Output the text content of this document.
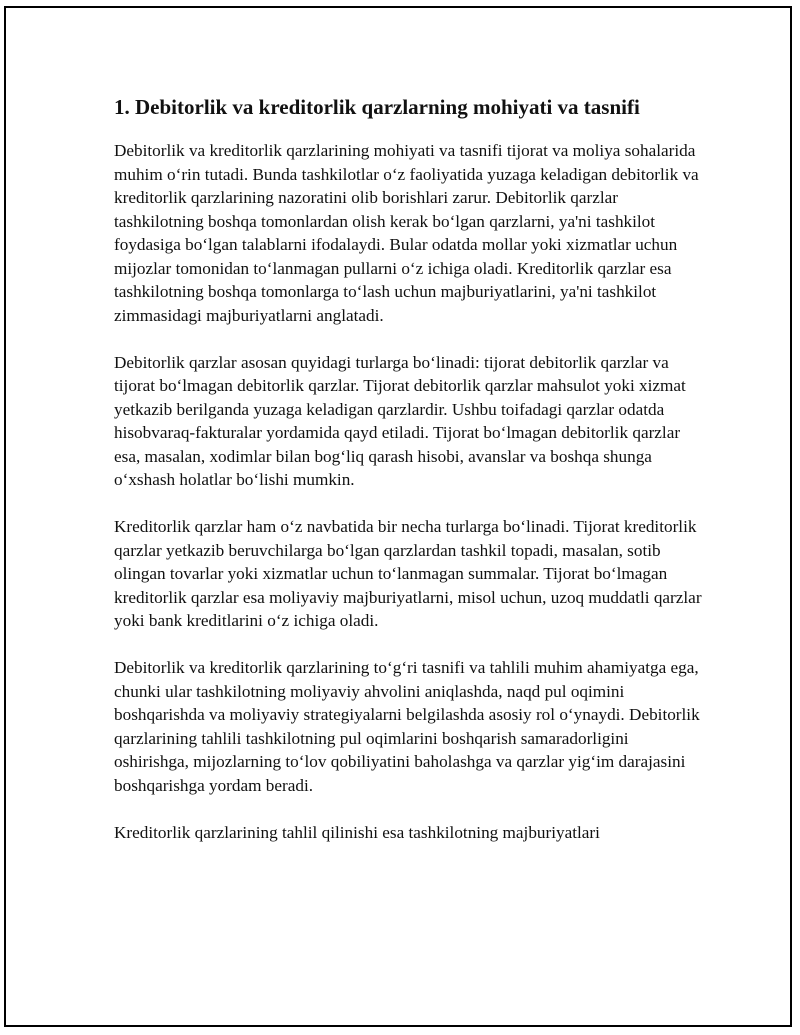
1. Debitorlik va kreditorlik qarzlarning mohiyati va tasnifi

Debitorlik va kreditorlik qarzlarining mohiyati va tasnifi tijorat va moliya sohalarida muhim o‘rin tutadi. Bunda tashkilotlar o‘z faoliyatida yuzaga keladigan debitorlik va kreditorlik qarzlarining nazoratini olib borishlari zarur. Debitorlik qarzlar tashkilotning boshqa tomonlardan olish kerak bo‘lgan qarzlarni, ya'ni tashkilot foydasiga bo‘lgan talablarni ifodalaydi. Bular odatda mollar yoki xizmatlar uchun mijozlar tomonidan to‘lanmagan pullarni o‘z ichiga oladi. Kreditorlik qarzlar esa tashkilotning boshqa tomonlarga to‘lash uchun majburiyatlarini, ya'ni tashkilot zimmasidagi majburiyatlarni anglatadi.

Debitorlik qarzlar asosan quyidagi turlarga bo‘linadi: tijorat debitorlik qarzlar va tijorat bo‘lmagan debitorlik qarzlar. Tijorat debitorlik qarzlar mahsulot yoki xizmat yetkazib berilganda yuzaga keladigan qarzlardir. Ushbu toifadagi qarzlar odatda hisobvaraq-fakturalar yordamida qayd etiladi. Tijorat bo‘lmagan debitorlik qarzlar esa, masalan, xodimlar bilan bog‘liq qarash hisobi, avanslar va boshqa shunga o‘xshash holatlar bo‘lishi mumkin.

Kreditorlik qarzlar ham o‘z navbatida bir necha turlarga bo‘linadi. Tijorat kreditorlik qarzlar yetkazib beruvchilarga bo‘lgan qarzlardan tashkil topadi, masalan, sotib olingan tovarlar yoki xizmatlar uchun to‘lanmagan summalar. Tijorat bo‘lmagan kreditorlik qarzlar esa moliyaviy majburiyatlarni, misol uchun, uzoq muddatli qarzlar yoki bank kreditlarini o‘z ichiga oladi.

Debitorlik va kreditorlik qarzlarining to‘g‘ri tasnifi va tahlili muhim ahamiyatga ega, chunki ular tashkilotning moliyaviy ahvolini aniqlashda, naqd pul oqimini boshqarishda va moliyaviy strategiyalarni belgilashda asosiy rol o‘ynaydi. Debitorlik qarzlarining tahlili tashkilotning pul oqimlarini boshqarish samaradorligini oshirishga, mijozlarning to‘lov qobiliyatini baholashga va qarzlar yig‘im darajasini boshqarishga yordam beradi.

Kreditorlik qarzlarining tahlil qilinishi esa tashkilotning majburiyatlari
